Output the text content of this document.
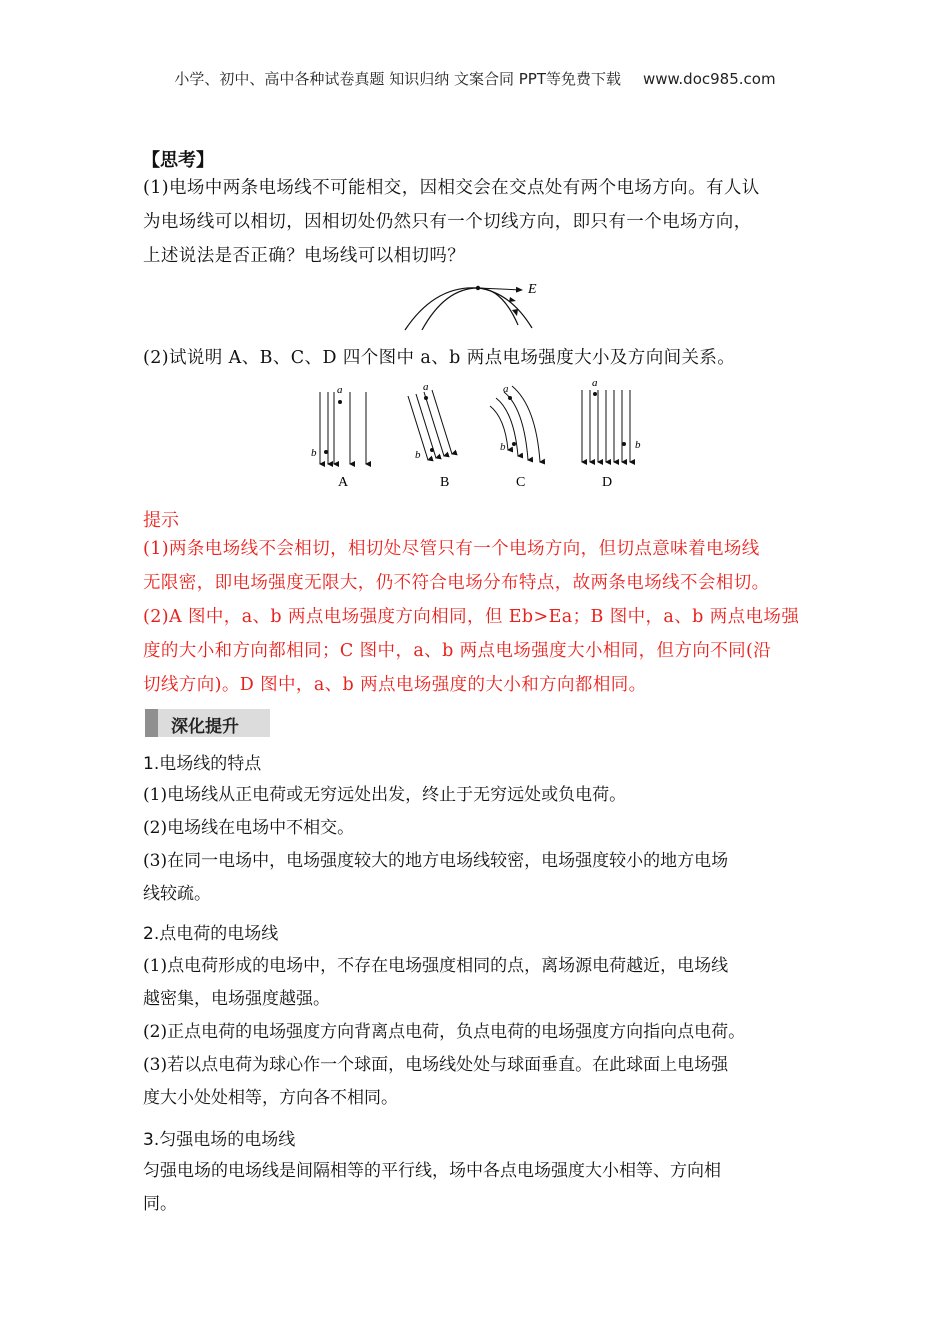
小学、初中、高中各种试卷真题 知识归纳 文案合同 PPT等免费下载 www.doc985.com
【思考】
(1)电场中两条电场线不可能相交，因相交会在交点处有两个电场方向。有人认
为电场线可以相切，因相切处仍然只有一个切线方向，即只有一个电场方向，
上述说法是否正确？电场线可以相切吗？
E
(2)试说明 A、B、C、D 四个图中 a、b 两点电场强度大小及方向间关系。
a
b
a
b
a
b
a
b
A	B	C	D
提示
(1)两条电场线不会相切，相切处尽管只有一个电场方向，但切点意味着电场线
无限密，即电场强度无限大，仍不符合电场分布特点，故两条电场线不会相切。
(2)A 图中，a、b 两点电场强度方向相同，但 Eb>Ea；B 图中，a、b 两点电场强
度的大小和方向都相同；C 图中，a、b 两点电场强度大小相同，但方向不同(沿
切线方向)。D 图中，a、b 两点电场强度的大小和方向都相同。
深化提升
1.电场线的特点
(1)电场线从正电荷或无穷远处出发，终止于无穷远处或负电荷。
(2)电场线在电场中不相交。
(3)在同一电场中，电场强度较大的地方电场线较密，电场强度较小的地方电场
线较疏。
2.点电荷的电场线
(1)点电荷形成的电场中，不存在电场强度相同的点，离场源电荷越近，电场线
越密集，电场强度越强。
(2)正点电荷的电场强度方向背离点电荷，负点电荷的电场强度方向指向点电荷。
(3)若以点电荷为球心作一个球面，电场线处处与球面垂直。在此球面上电场强
度大小处处相等，方向各不相同。
3.匀强电场的电场线
匀强电场的电场线是间隔相等的平行线，场中各点电场强度大小相等、方向相
同。
